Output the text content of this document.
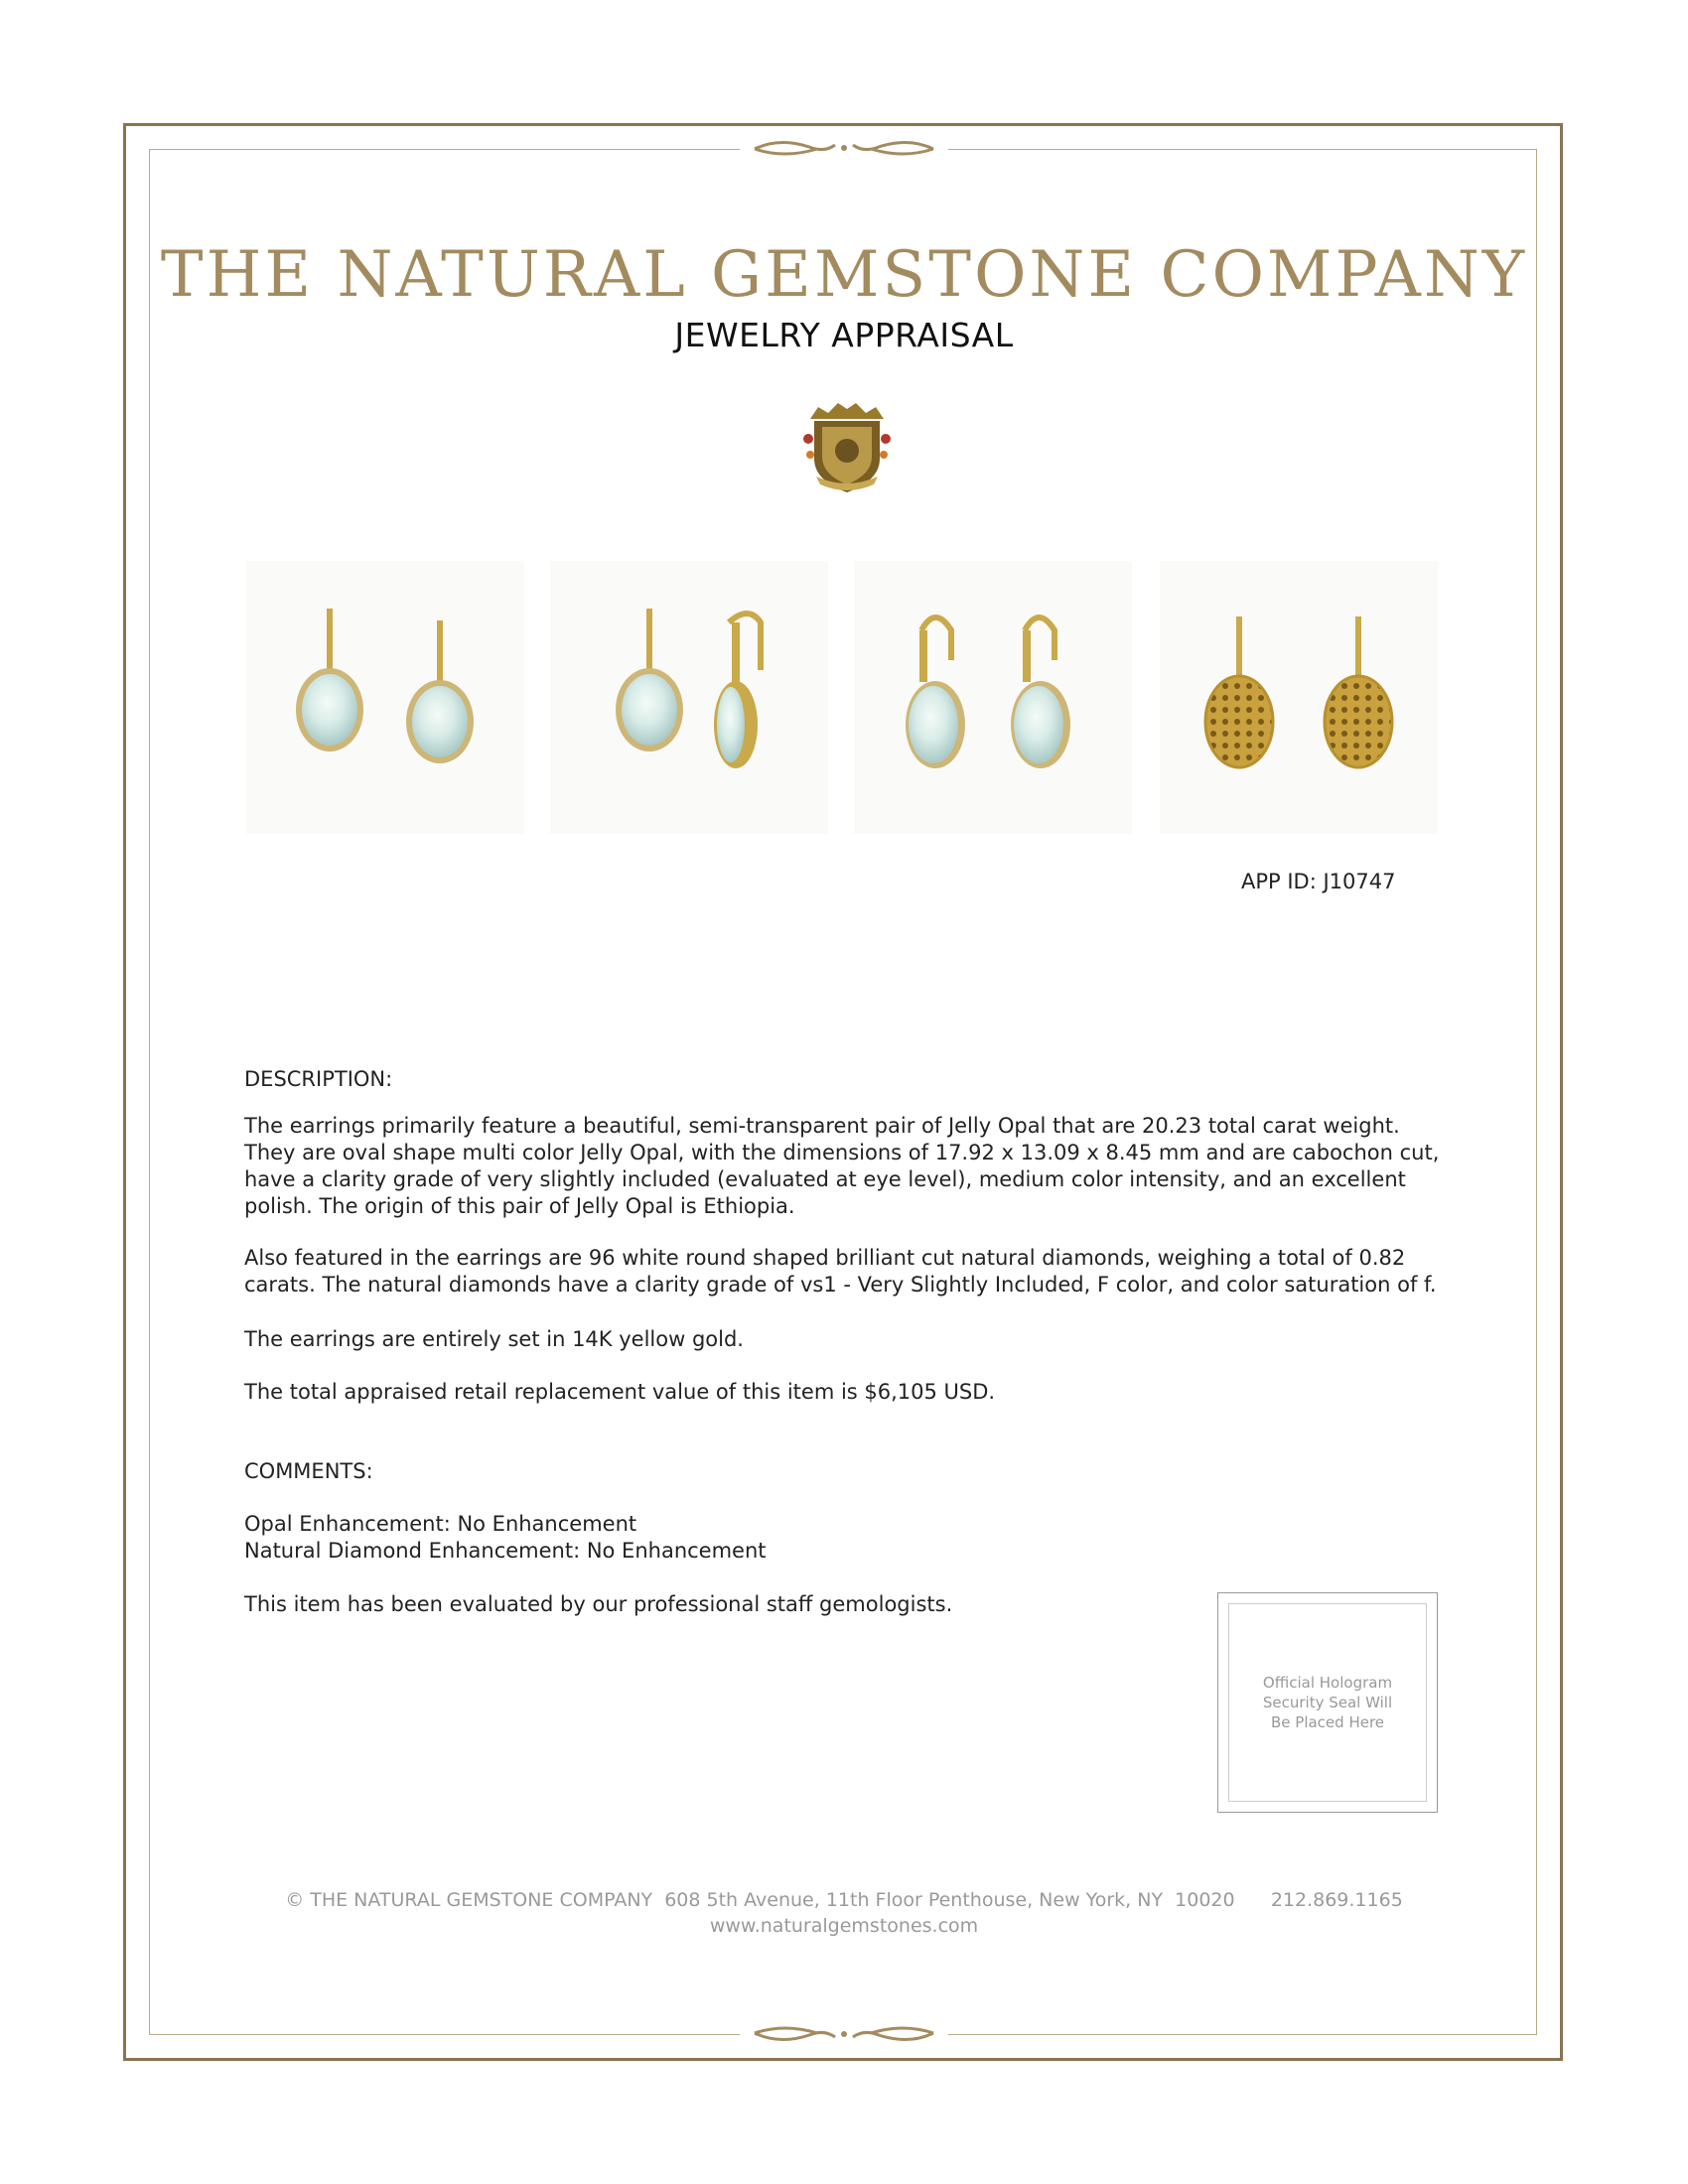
THE NATURAL GEMSTONE COMPANY
JEWELRY APPRAISAL
APP ID: J10747
DESCRIPTION:

The earrings primarily feature a beautiful, semi-transparent pair of Jelly Opal that are 20.23 total carat weight. They are oval shape multi color Jelly Opal, with the dimensions of 17.92 x 13.09 x 8.45 mm and are cabochon cut, have a clarity grade of very slightly included (evaluated at eye level), medium color intensity, and an excellent polish. The origin of this pair of Jelly Opal is Ethiopia.

Also featured in the earrings are 96 white round shaped brilliant cut natural diamonds, weighing a total of 0.82 carats. The natural diamonds have a clarity grade of vs1 - Very Slightly Included, F color, and color saturation of f.

The earrings are entirely set in 14K yellow gold.

The total appraised retail replacement value of this item is $6,105 USD.

COMMENTS:
Opal Enhancement: No Enhancement
Natural Diamond Enhancement: No Enhancement
This item has been evaluated by our professional staff gemologists.
Official Hologram
Security Seal Will
Be Placed Here
© THE NATURAL GEMSTONE COMPANY  608 5th Avenue, 11th Floor Penthouse, New York, NY  10020      212.869.1165
www.naturalgemstones.com
